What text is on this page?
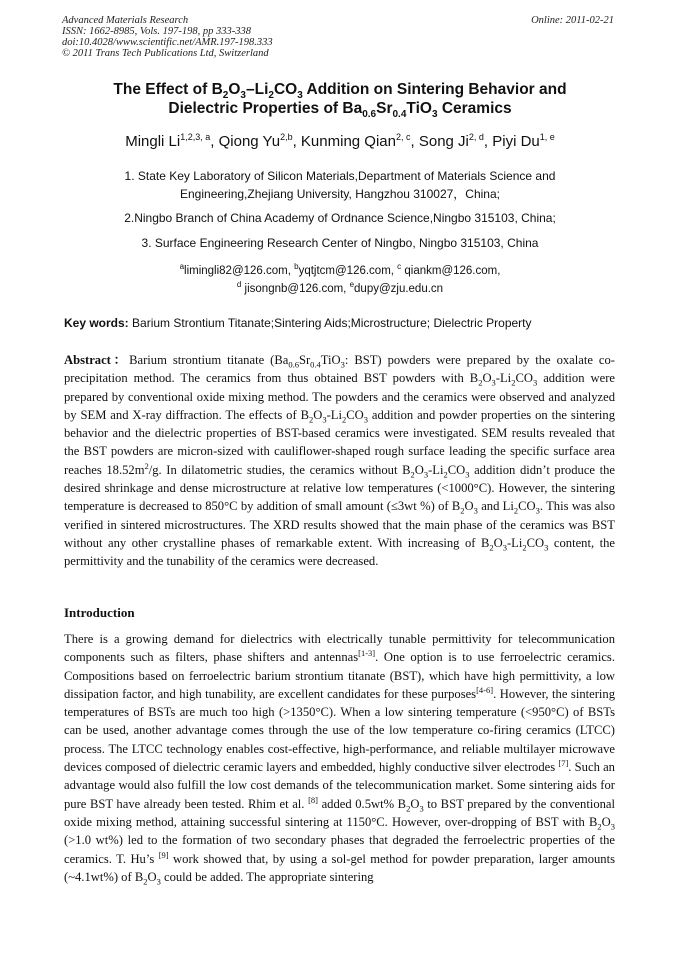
Advanced Materials Research
ISSN: 1662-8985, Vols. 197-198, pp 333-338
doi:10.4028/www.scientific.net/AMR.197-198.333
© 2011 Trans Tech Publications Ltd, Switzerland
Online: 2011-02-21
The Effect of $B_2O_3-Li_2CO_3$ Addition on Sintering Behavior and
Dielectric Properties of $Ba_{0.6}Sr_{0.4}TiO_3$ Ceramics
Mingli Li$^{1,2,3, a}$, Qiong Yu$^{2,b}$, Kunming Qian$^{2, c}$, Song Ji$^{2, d}$, Piyi Du$^{1, e}$
1. State Key Laboratory of Silicon Materials,Department of Materials Science and
Engineering,Zhejiang University, Hangzhou 310027，China;
2.Ningbo Branch of China Academy of Ordnance Science,Ningbo 315103, China;
3. Surface Engineering Research Center of Ningbo, Ningbo 315103, China
$^a$limingli82@126.com, $^b$yqtjtcm@126.com, $^c$ qiankm@126.com,
$^d$ jisongnb@126.com, $^e$dupy@zju.edu.cn
Key words: Barium Strontium Titanate;Sintering Aids;Microstructure; Dielectric Property
Abstract：Barium strontium titanate ($Ba_{0.6}Sr_{0.4}TiO_3$: BST) powders were prepared by the oxalate co-precipitation method. The ceramics from thus obtained BST powders with $B_2O_3-Li_2CO_3$ addition were prepared by conventional oxide mixing method. The powders and the ceramics were observed and analyzed by SEM and X-ray diffraction. The effects of $B_2O_3-Li_2CO_3$ addition and powder properties on the sintering behavior and the dielectric properties of BST-based ceramics were investigated. SEM results revealed that the BST powders are micron-sized with cauliflower-shaped rough surface leading the specific surface area reaches $18.52m^2/g$. In dilatometric studies, the ceramics without $B_2O_3-Li_2CO_3$ addition didn’t produce the desired shrinkage and dense microstructure at relative low temperatures (<1000°C). However, the sintering temperature is decreased to 850°C by addition of small amount (≤3wt %) of $B_2O_3$ and $Li_2CO_3$. This was also verified in sintered microstructures. The XRD results showed that the main phase of the ceramics was BST without any other crystalline phases of remarkable extent. With increasing of $B_2O_3-Li_2CO_3$ content, the permittivity and the tunability of the ceramics were decreased.
Introduction
There is a growing demand for dielectrics with electrically tunable permittivity for telecommunication components such as filters, phase shifters and antennas[1-3]. One option is to use ferroelectric ceramics. Compositions based on ferroelectric barium strontium titanate (BST), which have high permittivity, a low dissipation factor, and high tunability, are excellent candidates for these purposes[4-6]. However, the sintering temperatures of BSTs are much too high (>1350°C). When a low sintering temperature (<950°C) of BSTs can be used, another advantage comes through the use of the low temperature co-firing ceramics (LTCC) process. The LTCC technology enables cost-effective, high-performance, and reliable multilayer microwave devices composed of dielectric ceramic layers and embedded, highly conductive silver electrodes [7]. Such an advantage would also fulfill the low cost demands of the telecommunication market. Some sintering aids for pure BST have already been tested. Rhim et al. [8] added 0.5wt% $B_2O_3$ to BST prepared by the conventional oxide mixing method, attaining successful sintering at 1150°C. However, over-dropping of BST with $B_2O_3$ (>1.0 wt%) led to the formation of two secondary phases that degraded the ferroelectric properties of the ceramics. T. Hu’s [9] work showed that, by using a sol-gel method for powder preparation, larger amounts (~4.1wt%) of $B_2O_3$ could be added. The appropriate sintering
